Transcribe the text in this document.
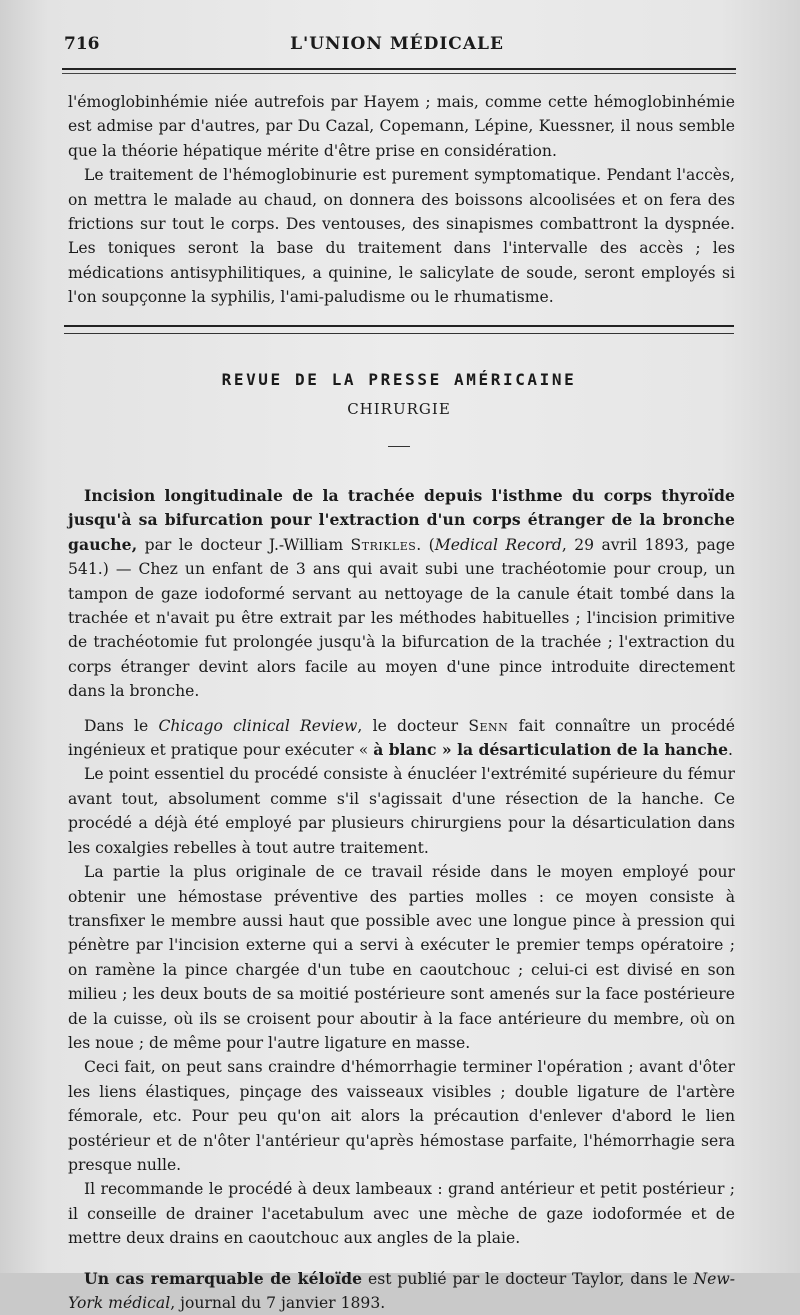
716	L'UNION MÉDICALE

l'émoglobinhémie niée autrefois par Hayem ; mais, comme cette hémoglobinhémie est admise par d'autres, par Du Cazal, Copemann, Lépine, Kuessner, il nous semble que la théorie hépatique mérite d'être prise en considération.

Le traitement de l'hémoglobinurie est purement symptomatique. Pendant l'accès, on mettra le malade au chaud, on donnera des boissons alcoolisées et on fera des frictions sur tout le corps. Des ventouses, des sinapismes combattront la dyspnée. Les toniques seront la base du traitement dans l'intervalle des accès ; les médications antisyphilitiques, a quinine, le salicylate de soude, seront employés si l'on soupçonne la syphilis, l'ami-paludisme ou le rhumatisme.

REVUE DE LA PRESSE AMÉRICAINE
CHIRURGIE

Incision longitudinale de la trachée depuis l'isthme du corps thyroïde jusqu'à sa bifurcation pour l'extraction d'un corps étranger de la bronche gauche, par le docteur J.-William Strikles. (Medical Record, 29 avril 1893, page 541.) — Chez un enfant de 3 ans qui avait subi une trachéotomie pour croup, un tampon de gaze iodoformé servant au nettoyage de la canule était tombé dans la trachée et n'avait pu être extrait par les méthodes habituelles ; l'incision primitive de trachéotomie fut prolongée jusqu'à la bifurcation de la trachée ; l'extraction du corps étranger devint alors facile au moyen d'une pince introduite directement dans la bronche.

Dans le Chicago clinical Review, le docteur Senn fait connaître un procédé ingénieux et pratique pour exécuter « à blanc » la désarticulation de la hanche.

Le point essentiel du procédé consiste à énucléer l'extrémité supérieure du fémur avant tout, absolument comme s'il s'agissait d'une résection de la hanche. Ce procédé a déjà été employé par plusieurs chirurgiens pour la désarticulation dans les coxalgies rebelles à tout autre traitement.

La partie la plus originale de ce travail réside dans le moyen employé pour obtenir une hémostase préventive des parties molles : ce moyen consiste à transfixer le membre aussi haut que possible avec une longue pince à pression qui pénètre par l'incision externe qui a servi à exécuter le premier temps opératoire ; on ramène la pince chargée d'un tube en caoutchouc ; celui-ci est divisé en son milieu ; les deux bouts de sa moitié postérieure sont amenés sur la face postérieure de la cuisse, où ils se croisent pour aboutir à la face antérieure du membre, où on les noue ; de même pour l'autre ligature en masse.

Ceci fait, on peut sans craindre d'hémorrhagie terminer l'opération ; avant d'ôter les liens élastiques, pinçage des vaisseaux visibles ; double ligature de l'artère fémorale, etc. Pour peu qu'on ait alors la précaution d'enlever d'abord le lien postérieur et de n'ôter l'antérieur qu'après hémostase parfaite, l'hémorrhagie sera presque nulle.

Il recommande le procédé à deux lambeaux : grand antérieur et petit postérieur ; il conseille de drainer l'acetabulum avec une mèche de gaze iodoformée et de mettre deux drains en caoutchouc aux angles de la plaie.

Un cas remarquable de kéloïde est publié par le docteur Taylor, dans le New-York médical, journal du 7 janvier 1893.
